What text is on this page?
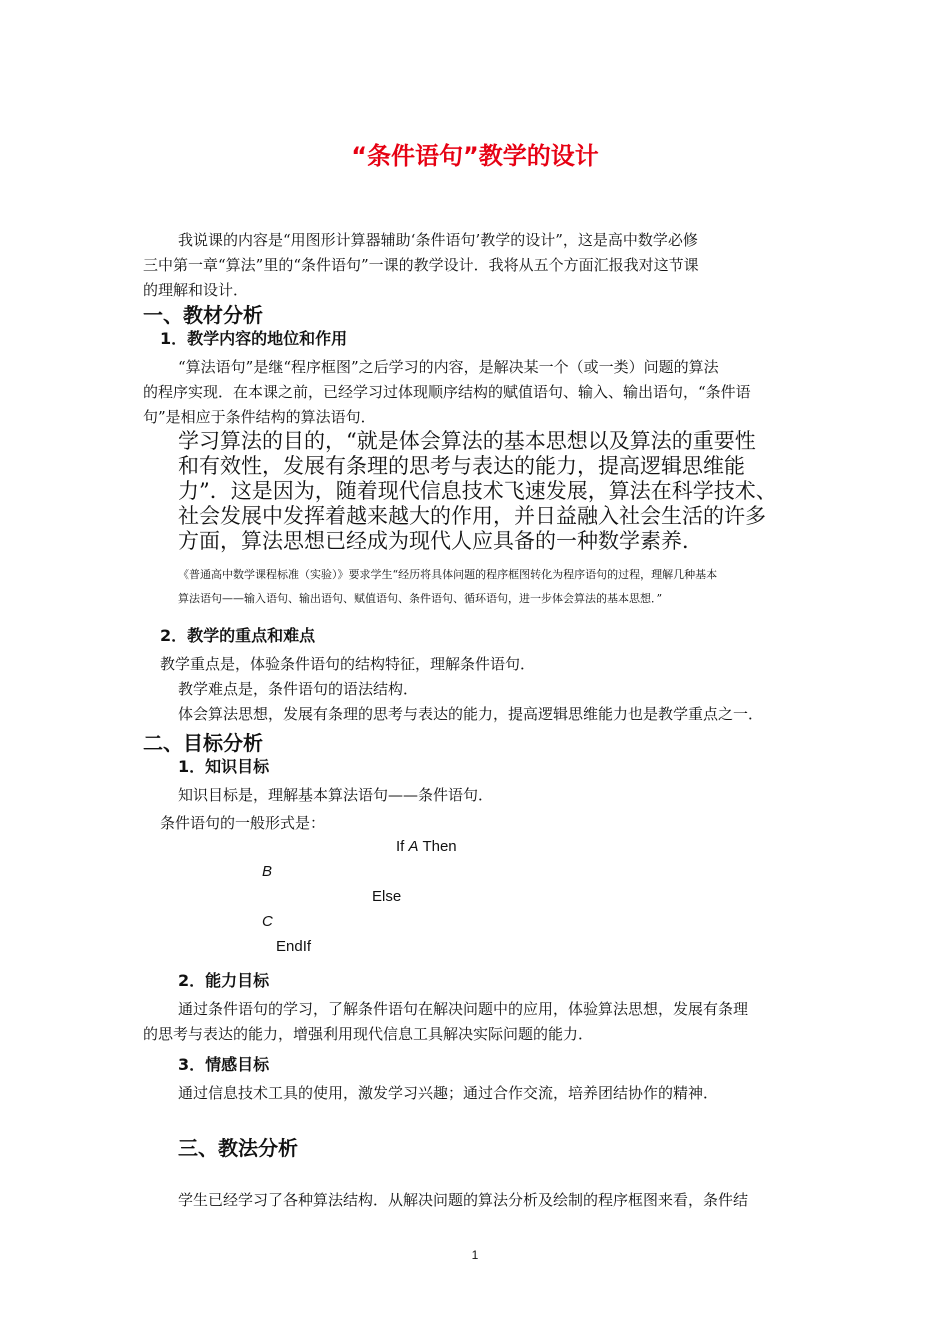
“条件语句”教学的设计
我说课的内容是“用图形计算器辅助‘条件语句’教学的设计”，这是高中数学必修
三中第一章“算法”里的“条件语句”一课的教学设计．我将从五个方面汇报我对这节课
的理解和设计．
一、教材分析
1．教学内容的地位和作用
“算法语句”是继“程序框图”之后学习的内容，是解决某一个（或一类）问题的算法
的程序实现．在本课之前，已经学习过体现顺序结构的赋值语句、输入、输出语句，“条件语
句”是相应于条件结构的算法语句．
学习算法的目的，“就是体会算法的基本思想以及算法的重要性
和有效性，发展有条理的思考与表达的能力，提高逻辑思维能
力”．这是因为，随着现代信息技术飞速发展，算法在科学技术、
社会发展中发挥着越来越大的作用，并日益融入社会生活的许多
方面，算法思想已经成为现代人应具备的一种数学素养．
《普通高中数学课程标准（实验）》要求学生“经历将具体问题的程序框图转化为程序语句的过程，理解几种基本
算法语句——输入语句、输出语句、赋值语句、条件语句、循环语句，进一步体会算法的基本思想．”
2．教学的重点和难点
教学重点是，体验条件语句的结构特征，理解条件语句．
教学难点是，条件语句的语法结构．
体会算法思想，发展有条理的思考与表达的能力，提高逻辑思维能力也是教学重点之一．
二、目标分析
1．知识目标
知识目标是，理解基本算法语句——条件语句．
条件语句的一般形式是：
If A Then
B
Else
C
EndIf
2．能力目标
通过条件语句的学习，了解条件语句在解决问题中的应用，体验算法思想，发展有条理
的思考与表达的能力，增强利用现代信息工具解决实际问题的能力．
3．情感目标
通过信息技术工具的使用，激发学习兴趣；通过合作交流，培养团结协作的精神．
三、教法分析
学生已经学习了各种算法结构．从解决问题的算法分析及绘制的程序框图来看，条件结
1
